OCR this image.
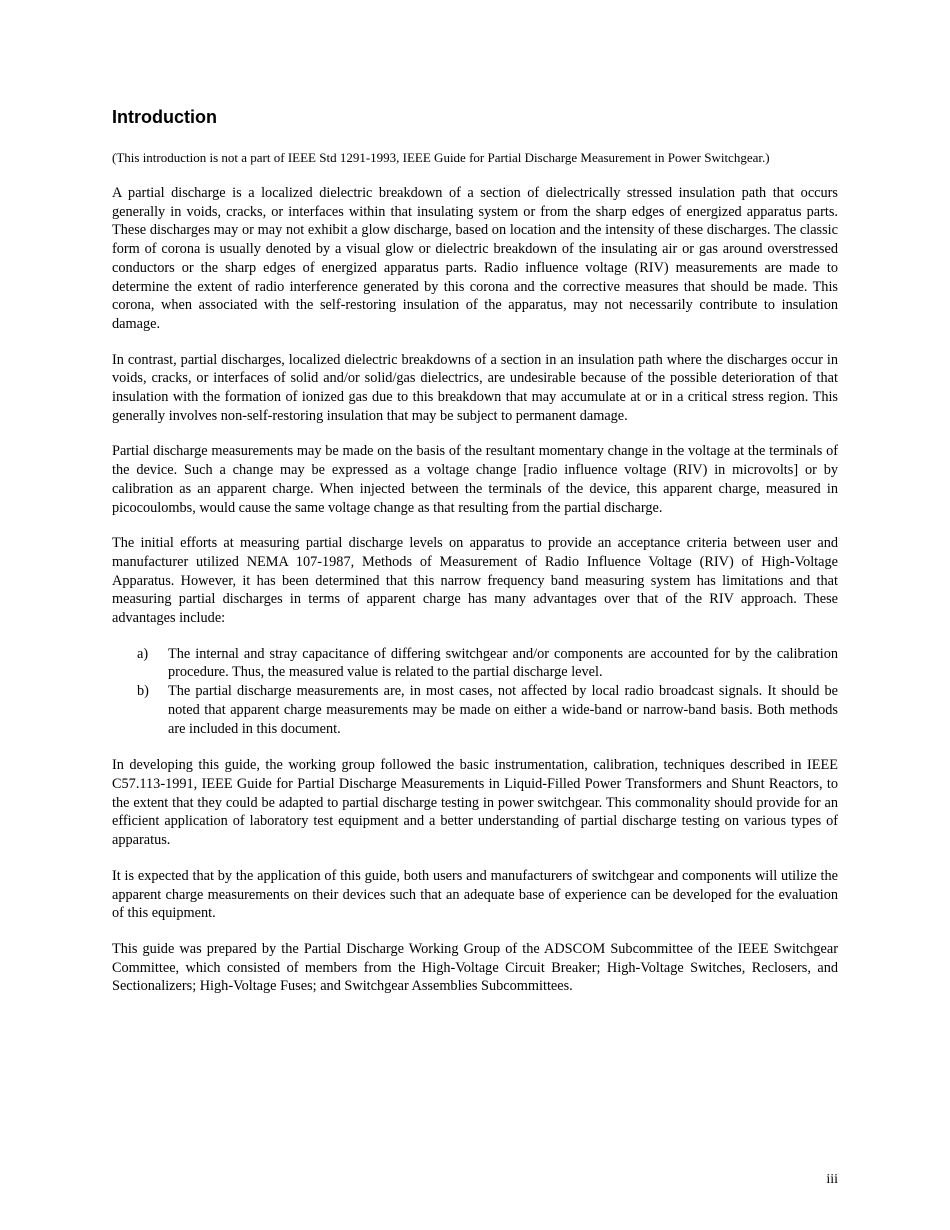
Introduction

(This introduction is not a part of IEEE Std 1291-1993, IEEE Guide for Partial Discharge Measurement in Power Switchgear.)

A partial discharge is a localized dielectric breakdown of a section of dielectrically stressed insulation path that occurs generally in voids, cracks, or interfaces within that insulating system or from the sharp edges of energized apparatus parts. These discharges may or may not exhibit a glow discharge, based on location and the intensity of these discharges. The classic form of corona is usually denoted by a visual glow or dielectric breakdown of the insulating air or gas around overstressed conductors or the sharp edges of energized apparatus parts. Radio influence voltage (RIV) measurements are made to determine the extent of radio interference generated by this corona and the corrective measures that should be made. This corona, when associated with the self-restoring insulation of the apparatus, may not necessarily contribute to insulation damage.

In contrast, partial discharges, localized dielectric breakdowns of a section in an insulation path where the discharges occur in voids, cracks, or interfaces of solid and/or solid/gas dielectrics, are undesirable because of the possible deterioration of that insulation with the formation of ionized gas due to this breakdown that may accumulate at or in a critical stress region. This generally involves non-self-restoring insulation that may be subject to permanent damage.

Partial discharge measurements may be made on the basis of the resultant momentary change in the voltage at the terminals of the device. Such a change may be expressed as a voltage change [radio influence voltage (RIV) in microvolts] or by calibration as an apparent charge. When injected between the terminals of the device, this apparent charge, measured in picocoulombs, would cause the same voltage change as that resulting from the partial discharge.

The initial efforts at measuring partial discharge levels on apparatus to provide an acceptance criteria between user and manufacturer utilized NEMA 107-1987, Methods of Measurement of Radio Influence Voltage (RIV) of High-Voltage Apparatus. However, it has been determined that this narrow frequency band measuring system has limitations and that measuring partial discharges in terms of apparent charge has many advantages over that of the RIV approach. These advantages include:

a) The internal and stray capacitance of differing switchgear and/or components are accounted for by the calibration procedure. Thus, the measured value is related to the partial discharge level.
b) The partial discharge measurements are, in most cases, not affected by local radio broadcast signals. It should be noted that apparent charge measurements may be made on either a wide-band or narrow-band basis. Both methods are included in this document.

In developing this guide, the working group followed the basic instrumentation, calibration, techniques described in IEEE C57.113-1991, IEEE Guide for Partial Discharge Measurements in Liquid-Filled Power Transformers and Shunt Reactors, to the extent that they could be adapted to partial discharge testing in power switchgear. This commonality should provide for an efficient application of laboratory test equipment and a better understanding of partial discharge testing on various types of apparatus.

It is expected that by the application of this guide, both users and manufacturers of switchgear and components will utilize the apparent charge measurements on their devices such that an adequate base of experience can be developed for the evaluation of this equipment.

This guide was prepared by the Partial Discharge Working Group of the ADSCOM Subcommittee of the IEEE Switchgear Committee, which consisted of members from the High-Voltage Circuit Breaker; High-Voltage Switches, Reclosers, and Sectionalizers; High-Voltage Fuses; and Switchgear Assemblies Subcommittees.

iii
